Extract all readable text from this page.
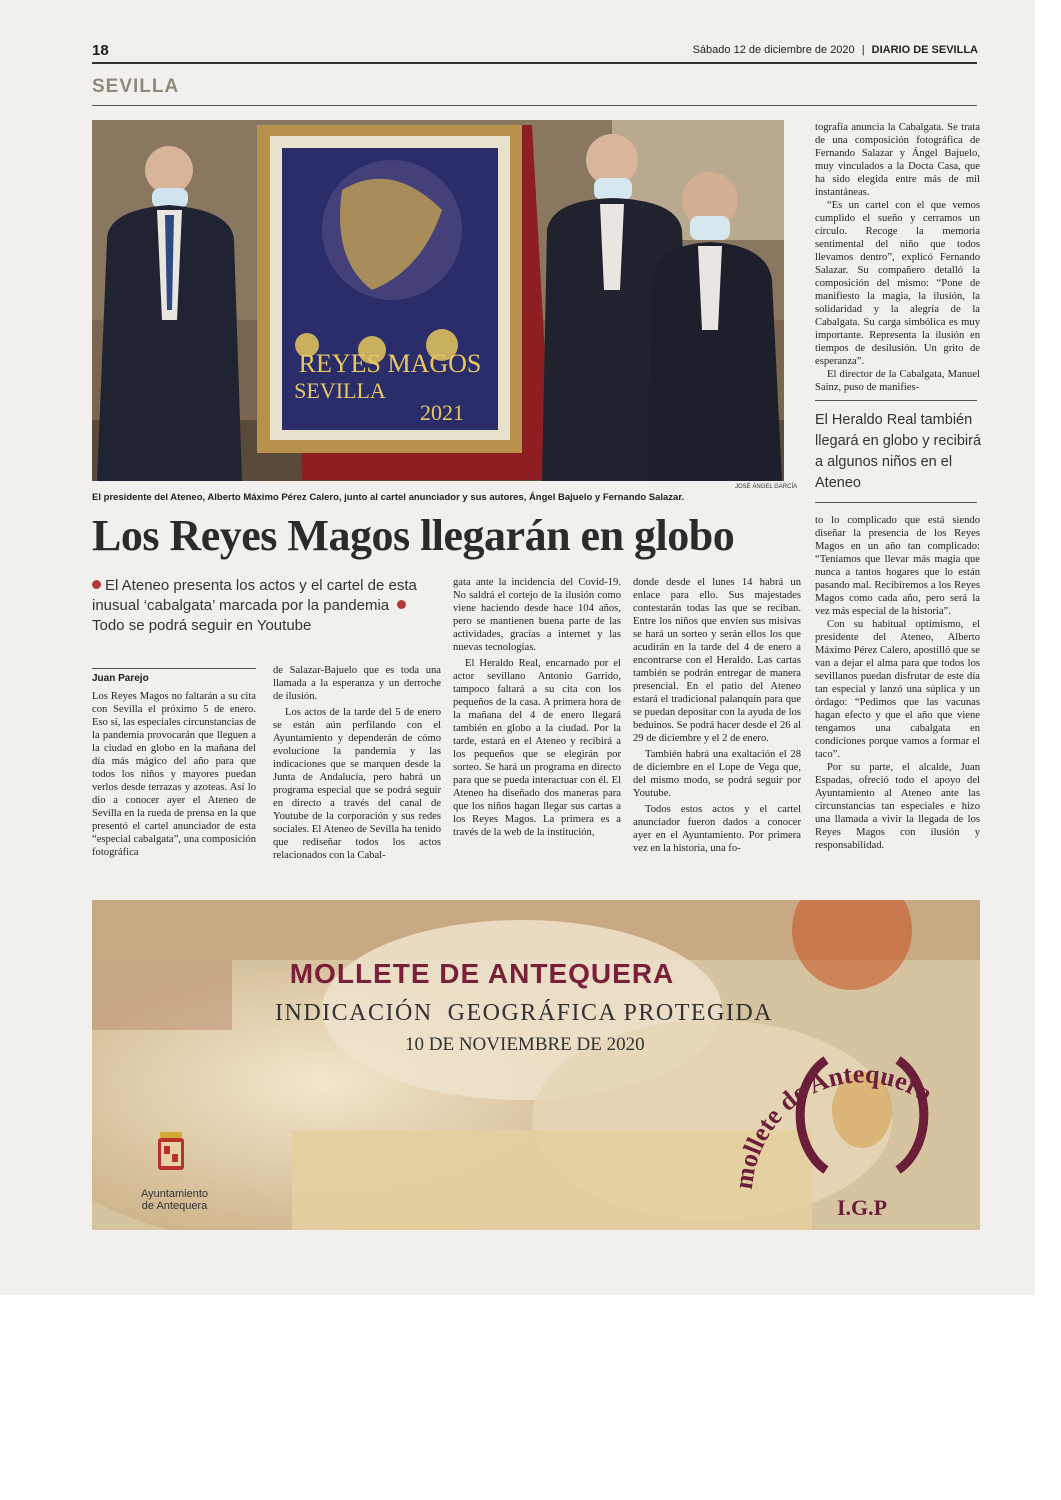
18	Sábado 12 de diciembre de 2020 | DIARIO DE SEVILLA
SEVILLA
REYES MAGOS
SEVILLA
2021
JOSÉ ÁNGEL GARCÍA
El presidente del Ateneo, Alberto Máximo Pérez Calero, junto al cartel anunciador y sus autores, Ángel Bajuelo y Fernando Salazar.

tografía anuncia la Cabalgata. Se trata de una composición fotográfica de Fernando Salazar y Ángel Bajuelo, muy vinculados a la Docta Casa, que ha sido elegida entre más de mil instantáneas.

“Es un cartel con el que vemos cumplido el sueño y cerramos un círculo. Recoge la memoria sentimental del niño que todos llevamos dentro”, explicó Fernando Salazar. Su compañero detalló la composición del mismo: “Pone de manifiesto la magia, la ilusión, la solidaridad y la alegría de la Cabalgata. Su carga simbólica es muy importante. Representa la ilusión en tiempos de desilusión. Un grito de esperanza”.

El director de la Cabalgata, Manuel Sainz, puso de manifies-

El Heraldo Real también llegará en globo y recibirá a algunos niños en el Ateneo
Los Reyes Magos llegarán en globo
El Ateneo presenta los actos y el cartel de esta inusual ‘cabalgata’ marcada por la pandemia Todo se podrá seguir en Youtube
Juan Parejo

Los Reyes Magos no faltarán a su cita con Sevilla el próximo 5 de enero. Eso sí, las especiales circunstancias de la pandemia provocarán que lleguen a la ciudad en globo en la mañana del día más mágico del año para que todos los niños y mayores puedan verlos desde terrazas y azoteas. Así lo dio a conocer ayer el Ateneo de Sevilla en la rueda de prensa en la que presentó el cartel anunciador de esta “especial cabalgata”, una composición fotográfica

de Salazar-Bajuelo que es toda una llamada a la esperanza y un derroche de ilusión.

Los actos de la tarde del 5 de enero se están aún perfilando con el Ayuntamiento y dependerán de cómo evolucione la pandemia y las indicaciones que se marquen desde la Junta de Andalucía, pero habrá un programa especial que se podrá seguir en directo a través del canal de Youtube de la corporación y sus redes sociales. El Ateneo de Sevilla ha tenido que rediseñar todos los actos relacionados con la Cabal-

gata ante la incidencia del Covid-19. No saldrá el cortejo de la ilusión como viene haciendo desde hace 104 años, pero se mantienen buena parte de las actividades, gracias a internet y las nuevas tecnologías.

El Heraldo Real, encarnado por el actor sevillano Antonio Garrido, tampoco faltará a su cita con los pequeños de la casa. A primera hora de la mañana del 4 de enero llegará también en globo a la ciudad. Por la tarde, estará en el Ateneo y recibirá a los pequeños que se elegirán por sorteo. Se hará un programa en directo para que se pueda interactuar con él. El Ateneo ha diseñado dos maneras para que los niños hagan llegar sus cartas a los Reyes Magos. La primera es a través de la web de la institución,

donde desde el lunes 14 habrá un enlace para ello. Sus majestades contestarán todas las que se reciban. Entre los niños que envíen sus misivas se hará un sorteo y serán ellos los que acudirán en la tarde del 4 de enero a encontrarse con el Heraldo. Las cartas también se podrán entregar de manera presencial. En el patio del Ateneo estará el tradicional palanquín para que se puedan depositar con la ayuda de los beduinos. Se podrá hacer desde el 26 al 29 de diciembre y el 2 de enero.

También habrá una exaltación el 28 de diciembre en el Lope de Vega que, del mismo modo, se podrá seguir por Youtube.

Todos estos actos y el cartel anunciador fueron dados a conocer ayer en el Ayuntamiento. Por primera vez en la historia, una fo-

to lo complicado que está siendo diseñar la presencia de los Reyes Magos en un año tan complicado: “Teníamos que llevar más magia que nunca a tantos hogares que lo están pasando mal. Recibiremos a los Reyes Magos como cada año, pero será la vez más especial de la historia”.

Con su habitual optimismo, el presidente del Ateneo, Alberto Máximo Pérez Calero, apostilló que se van a dejar el alma para que todos los sevillanos puedan disfrutar de este día tan especial y lanzó una súplica y un órdago: “Pedimos que las vacunas hagan efecto y que el año que viene tengamos una cabalgata en condiciones porque vamos a formar el taco”.

Por su parte, el alcalde, Juan Espadas, ofreció todo el apoyo del Ayuntamiento al Ateneo ante las circunstancias tan especiales e hizo una llamada a vivir la llegada de los Reyes Magos con ilusión y responsabilidad.

mollete de Antequera
I.G.P
MOLLETE DE ANTEQUERA
INDICACIÓN  GEOGRÁFICA PROTEGIDA
10 DE NOVIEMBRE DE 2020
Ayuntamiento
de Antequera
